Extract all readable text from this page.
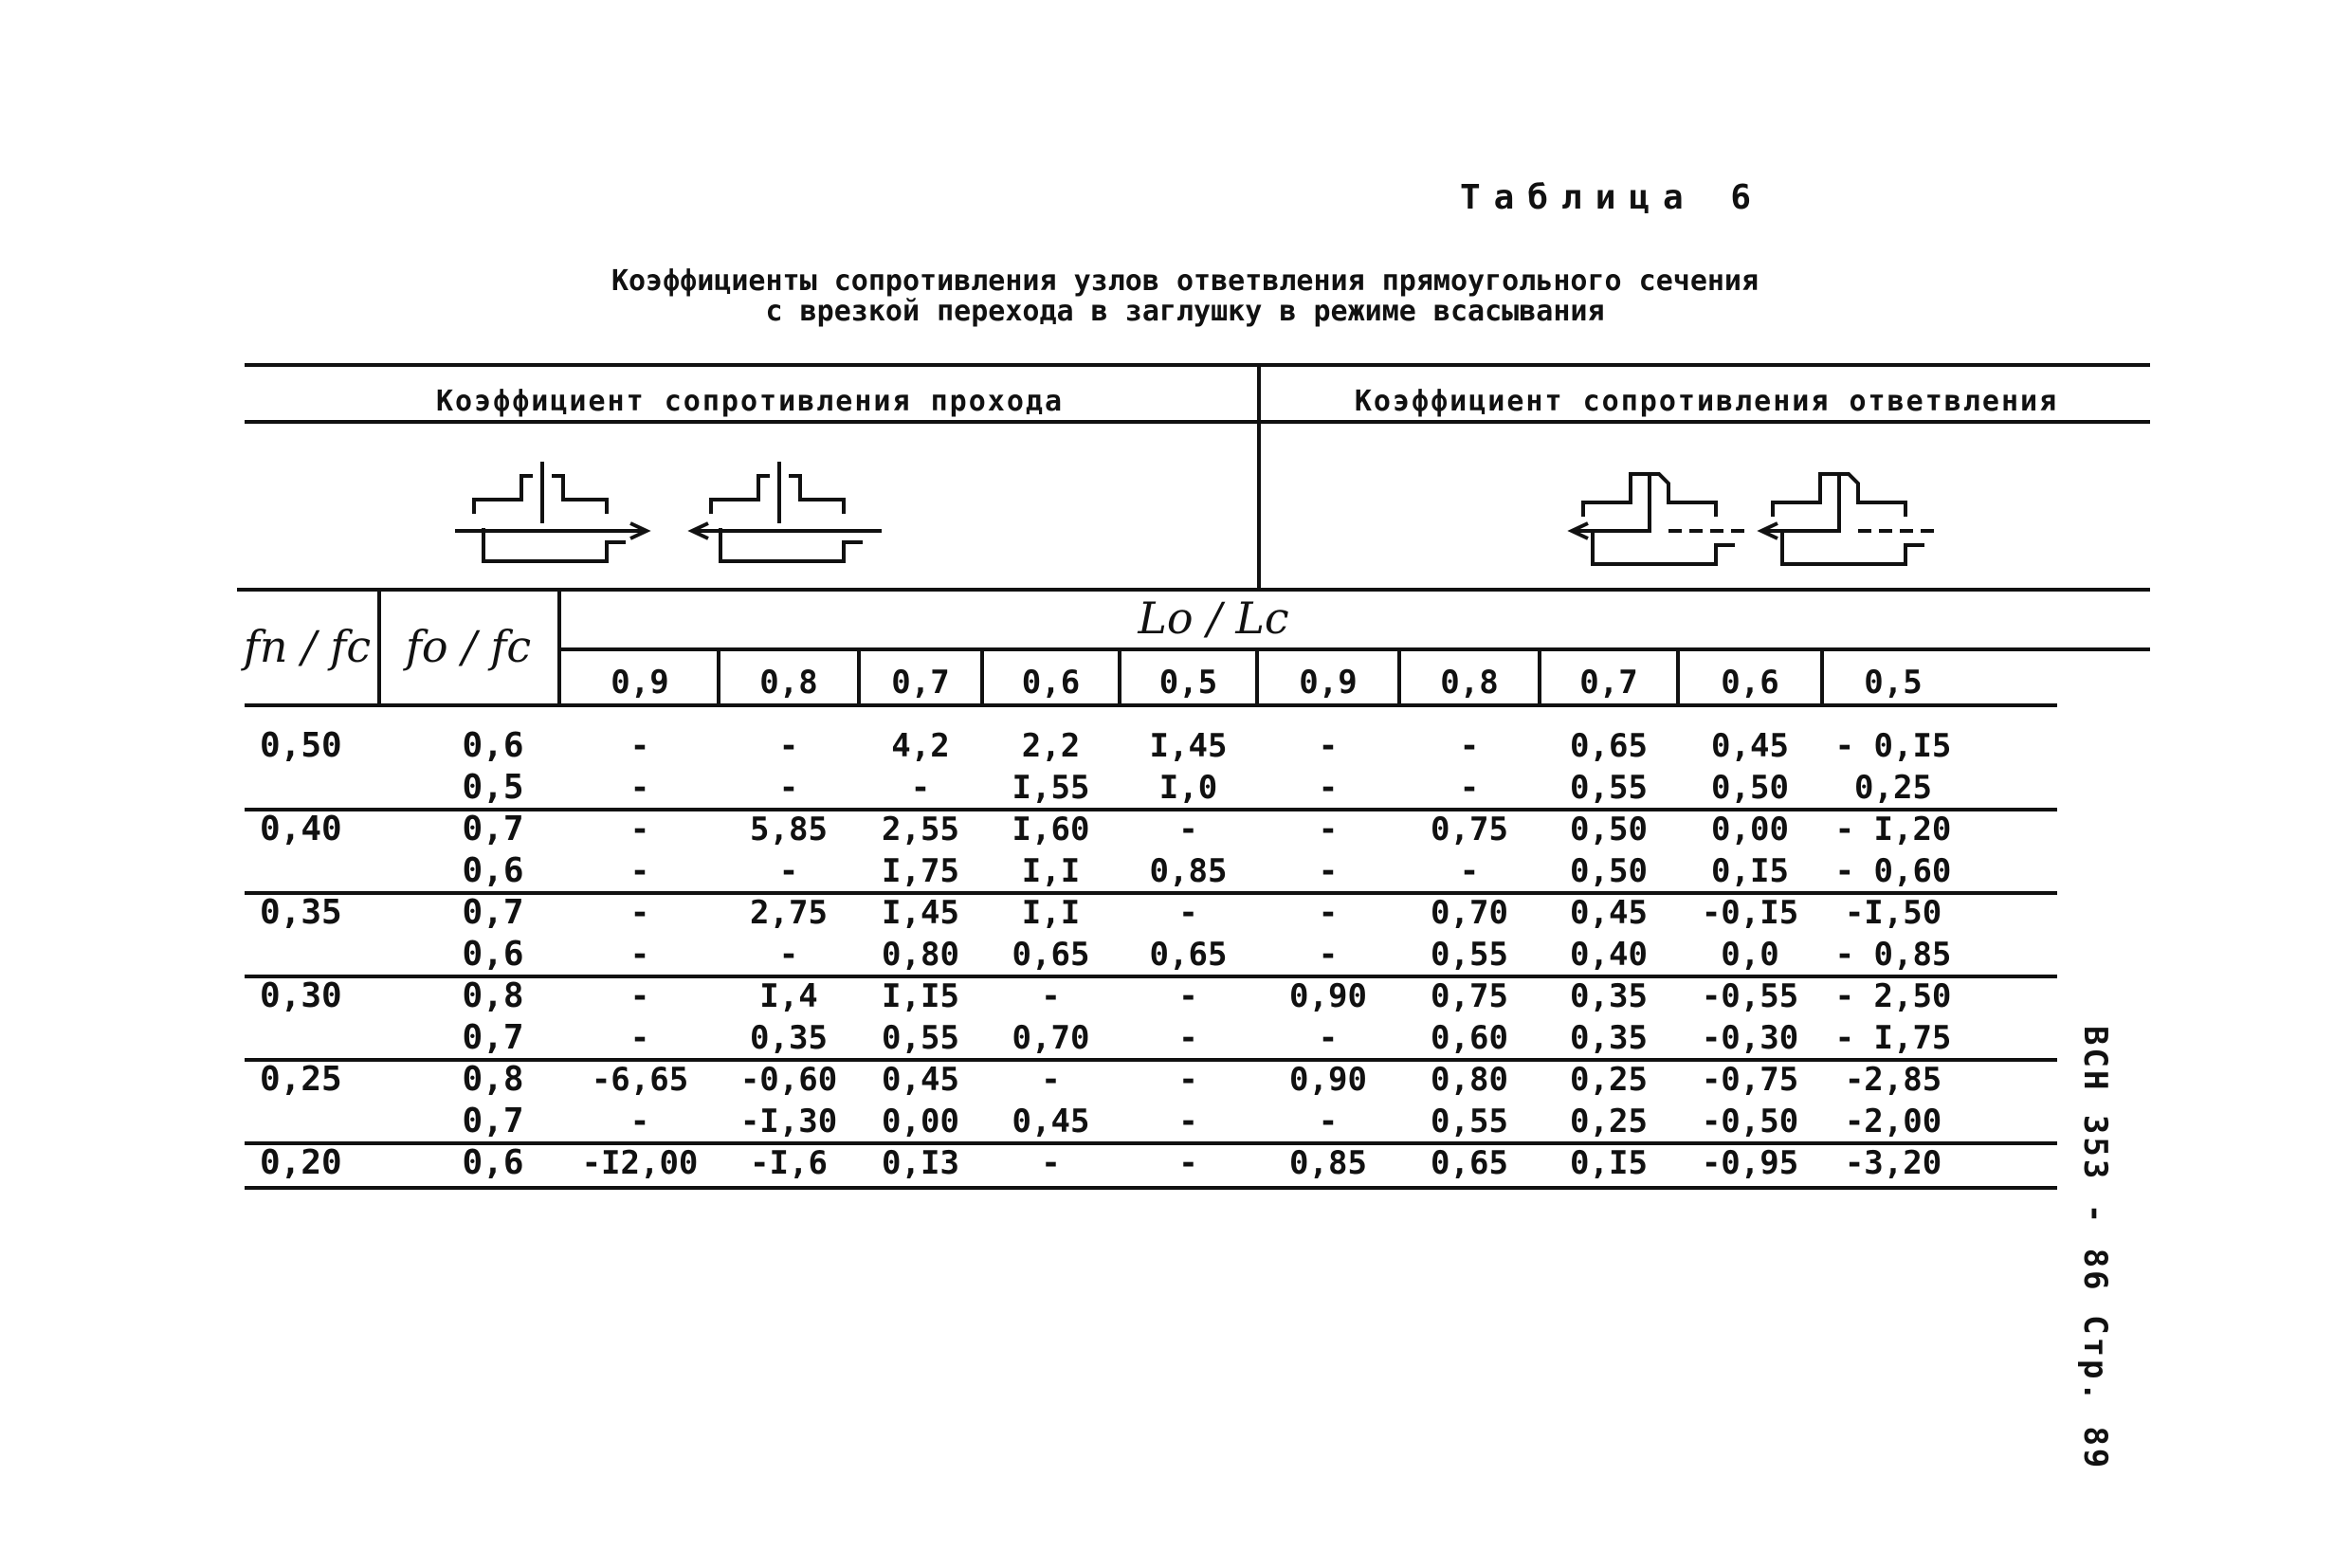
Таблица 6
Коэффициенты сопротивления узлов ответвления прямоугольного сечения
с врезкой перехода в заглушку в режиме всасывания
Коэффициент сопротивления прохода	Коэффициент сопротивления ответвления
fп / fс fо / fс
Lо / Lс
0,9	0,8	0,7	0,6	0,5	0,9	0,8	0,7	0,6	0,5
0,50	0,6	-	-	4,2	2,2	I,45	-	-	0,65	0,45	- 0,I5
0,5	-	-	-	I,55	I,0	-	-	0,55	0,50	0,25
0,40	0,7	-	5,85	2,55	I,60	-	-	0,75	0,50	0,00	- I,20
0,6	-	-	I,75	I,I	0,85	-	-	0,50	0,I5	- 0,60
0,35	0,7	-	2,75	I,45	I,I	-	-	0,70	0,45	-0,I5	-I,50
0,6	-	-	0,80	0,65	0,65	-	0,55	0,40	0,0	- 0,85
0,30	0,8	-	I,4	I,I5	-	-	0,90	0,75	0,35	-0,55	- 2,50
0,7	-	0,35	0,55	0,70	-	-	0,60	0,35	-0,30	- I,75
0,25	0,8	-6,65	-0,60	0,45	-	-	0,90	0,80	0,25	-0,75	-2,85
0,7	-	-I,30	0,00	0,45	-	-	0,55	0,25	-0,50	-2,00
0,20	0,6	-I2,00	-I,6	0,I3	-	-	0,85	0,65	0,I5	-0,95	-3,20	ВСН 353 - 86 Стр. 89
